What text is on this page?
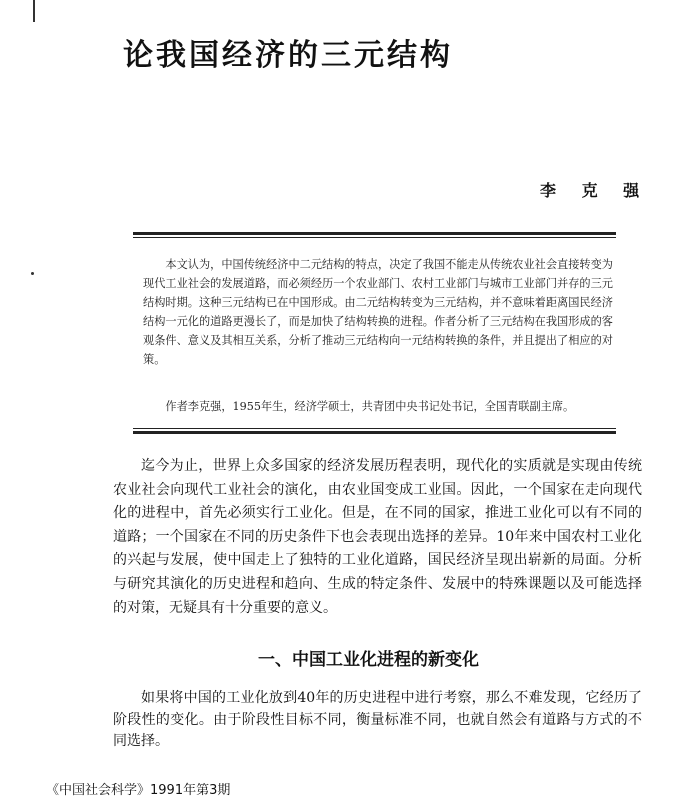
论我国经济的三元结构

李 克 强

本文认为，中国传统经济中二元结构的特点，决定了我国不能走从传统农业社会直接转变为现代工业社会的发展道路，而必须经历一个农业部门、农村工业部门与城市工业部门并存的三元结构时期。这种三元结构已在中国形成。由二元结构转变为三元结构，并不意味着距离国民经济结构一元化的道路更漫长了，而是加快了结构转换的进程。作者分析了三元结构在我国形成的客观条件、意义及其相互关系，分析了推动三元结构向一元结构转换的条件，并且提出了相应的对策。

作者李克强，1955年生，经济学硕士，共青团中央书记处书记，全国青联副主席。

迄今为止，世界上众多国家的经济发展历程表明，现代化的实质就是实现由传统农业社会向现代工业社会的演化，由农业国变成工业国。因此，一个国家在走向现代化的进程中，首先必须实行工业化。但是，在不同的国家，推进工业化可以有不同的道路；一个国家在不同的历史条件下也会表现出选择的差异。10年来中国农村工业化的兴起与发展，使中国走上了独特的工业化道路，国民经济呈现出崭新的局面。分析与研究其演化的历史进程和趋向、生成的特定条件、发展中的特殊课题以及可能选择的对策，无疑具有十分重要的意义。

一、中国工业化进程的新变化

如果将中国的工业化放到40年的历史进程中进行考察，那么不难发现，它经历了阶段性的变化。由于阶段性目标不同，衡量标准不同，也就自然会有道路与方式的不同选择。

《中国社会科学》1991年第3期
